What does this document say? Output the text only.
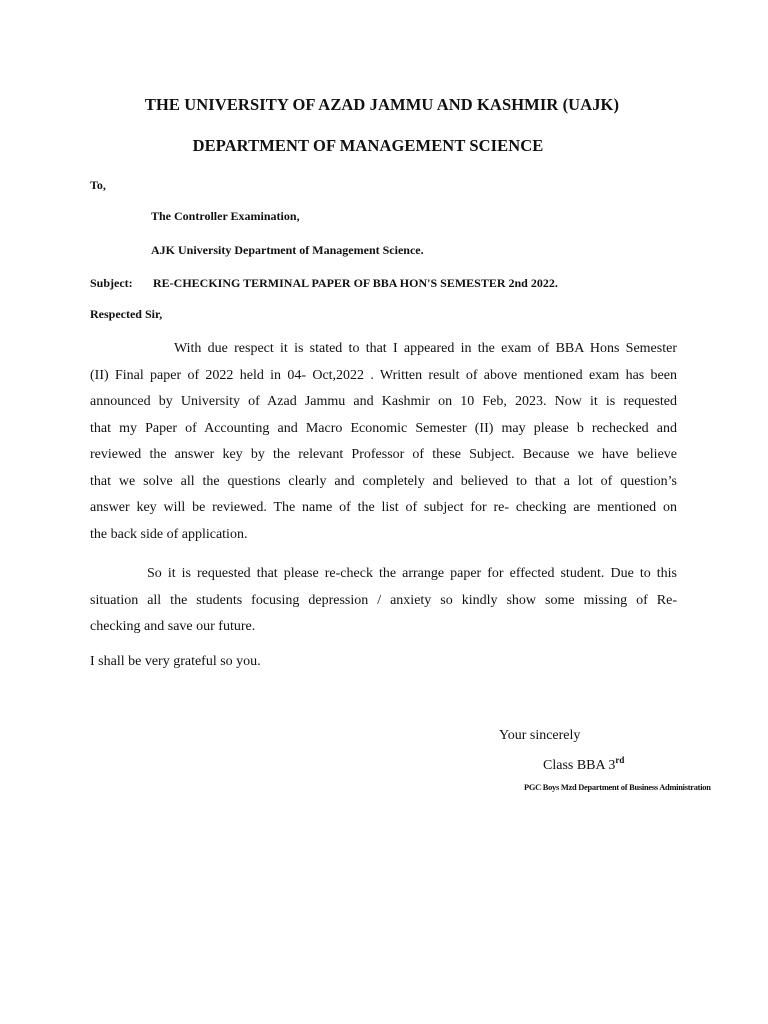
THE UNIVERSITY OF AZAD JAMMU AND KASHMIR (UAJK)
DEPARTMENT OF MANAGEMENT SCIENCE
To,
The Controller Examination,
AJK University Department of Management Science.
Subject: RE-CHECKING TERMINAL PAPER OF BBA HON'S SEMESTER 2nd 2022.
Respected Sir,
With due respect it is stated to that I appeared in the exam of BBA Hons Semester
(II) Final paper of 2022 held in 04- Oct,2022 . Written result of above mentioned exam has been
announced by University of Azad Jammu and Kashmir on 10 Feb, 2023. Now it is requested
that my Paper of Accounting and Macro Economic Semester (II) may please b rechecked and
reviewed the answer key by the relevant Professor of these Subject. Because we have believe
that we solve all the questions clearly and completely and believed to that a lot of question’s
answer key will be reviewed. The name of the list of subject for re- checking are mentioned on
the back side of application.
So it is requested that please re-check the arrange paper for effected student. Due to this
situation all the students focusing depression / anxiety so kindly show some missing of Re-
checking and save our future.
I shall be very grateful so you.
Your sincerely
Class BBA 3rd
PGC Boys Mzd Department of Business Administration
